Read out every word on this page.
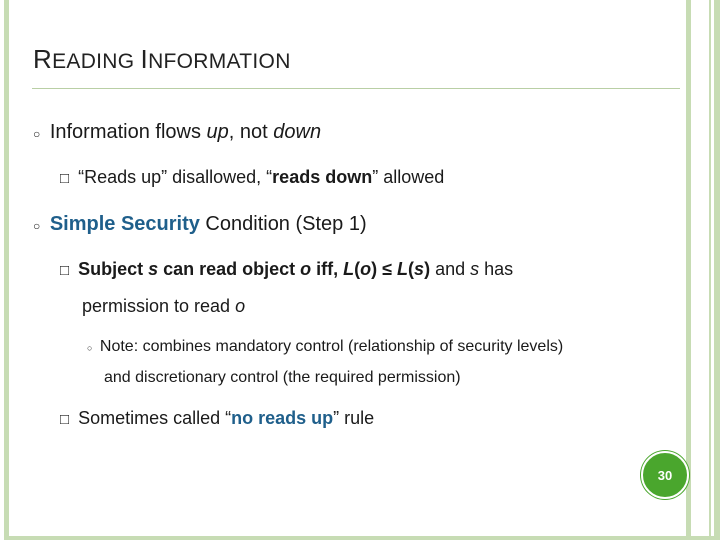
READING INFORMATION
○ Information flows up, not down
□ “Reads up” disallowed, “reads down” allowed
○ Simple Security Condition (Step 1)
□ Subject s can read object o iff, L(o) ≤ L(s) and s has
permission to read o
○ Note: combines mandatory control (relationship of security levels)
and discretionary control (the required permission)
□ Sometimes called “no reads up” rule
30
